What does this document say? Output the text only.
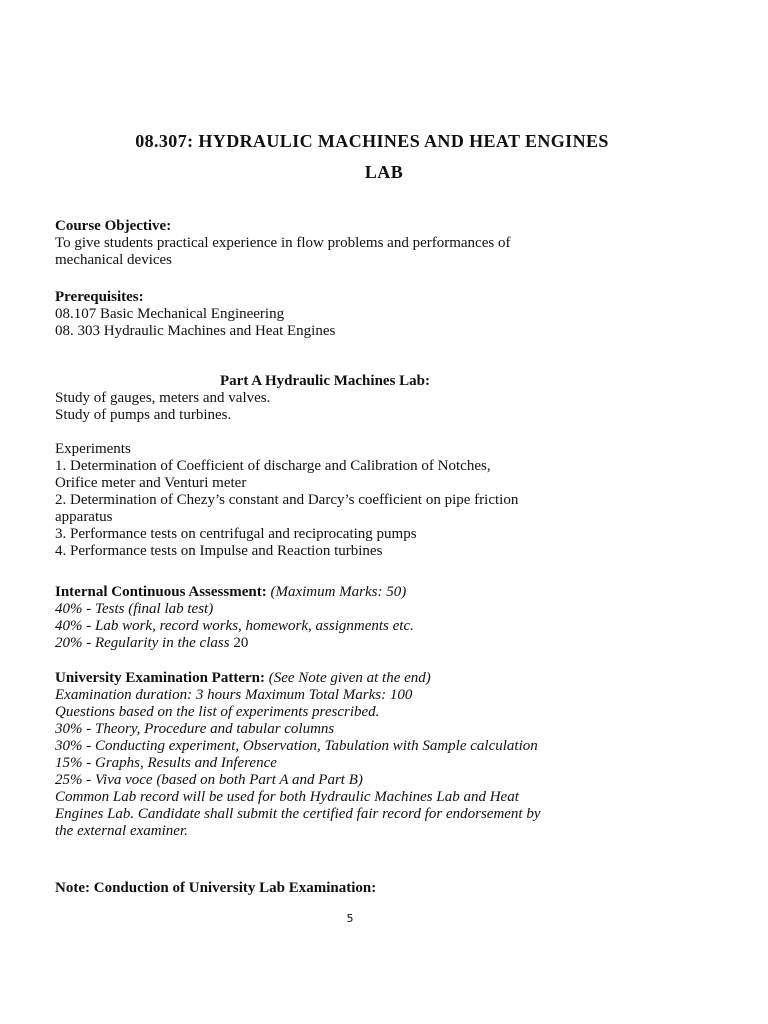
08.307: HYDRAULIC MACHINES AND HEAT ENGINES
LAB
Course Objective:
To give students practical experience in flow problems and performances of
mechanical devices
Prerequisites:
08.107 Basic Mechanical Engineering
08. 303 Hydraulic Machines and Heat Engines
Part A Hydraulic Machines Lab:
Study of gauges, meters and valves.
Study of pumps and turbines.
Experiments
1. Determination of Coefficient of discharge and Calibration of Notches,
Orifice meter and Venturi meter
2. Determination of Chezy’s constant and Darcy’s coefficient on pipe friction
apparatus
3. Performance tests on centrifugal and reciprocating pumps
4. Performance tests on Impulse and Reaction turbines
Internal Continuous Assessment: (Maximum Marks: 50)
40% - Tests (final lab test)
40% - Lab work, record works, homework, assignments etc.
20% - Regularity in the class 20
University Examination Pattern: (See Note given at the end)
Examination duration: 3 hours Maximum Total Marks: 100
Questions based on the list of experiments prescribed.
30% - Theory, Procedure and tabular columns
30% - Conducting experiment, Observation, Tabulation with Sample calculation
15% - Graphs, Results and Inference
25% - Viva voce (based on both Part A and Part B)
Common Lab record will be used for both Hydraulic Machines Lab and Heat
Engines Lab. Candidate shall submit the certified fair record for endorsement by
the external examiner.
Note: Conduction of University Lab Examination:
5
